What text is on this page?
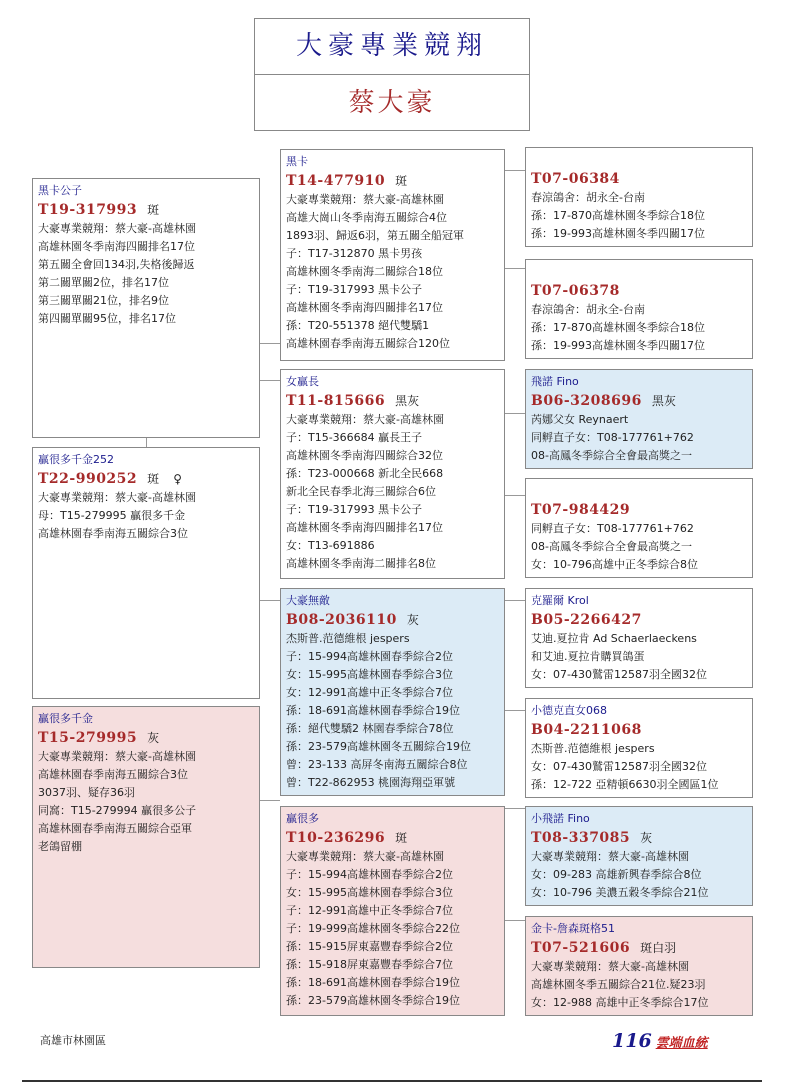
大豪專業競翔
蔡大豪
黑卡公子
T19-317993 斑
大豪專業競翔：蔡大豪-高雄林園
高雄林園冬季南海四關排名17位
第五關全會回134羽,失格後歸返
第二關單關2位，排名17位
第三關單關21位，排名9位
第四關單關95位，排名17位
贏很多千金252
T22-990252 斑 ♀
大豪專業競翔：蔡大豪-高雄林園
母：T15-279995 贏很多千金
高雄林園春季南海五關綜合3位
贏很多千金
T15-279995 灰
大豪專業競翔：蔡大豪-高雄林園
高雄林園春季南海五關綜合3位
3037羽、疑存36羽
同窩：T15-279994 贏很多公子
高雄林園春季南海五關綜合亞軍
老鴿留棚
黑卡
T14-477910 斑
大豪專業競翔：蔡大豪-高雄林園
高雄大崗山冬季南海五關綜合4位
1893羽、歸返6羽，第五關全船冠軍
子：T17-312870 黑卡男孩
高雄林園冬季南海二關綜合18位
子：T19-317993 黑卡公子
高雄林園冬季南海四關排名17位
孫：T20-551378 絕代雙驕1
高雄林園春季南海五關綜合120位
女贏長
T11-815666 黑灰
大豪專業競翔：蔡大豪-高雄林園
子：T15-366684 贏長王子
高雄林園冬季南海四關綜合32位
孫：T23-000668 新北全民668
新北全民春季北海三關綜合6位
子：T19-317993 黑卡公子
高雄林園冬季南海四關排名17位
女：T13-691886
高雄林園冬季南海二關排名8位
大豪無敵
B08-2036110 灰
杰斯普.范德維根 jespers
子：15-994高雄林園春季綜合2位
女：15-995高雄林園春季綜合3位
女：12-991高雄中正冬季綜合7位
孫：18-691高雄林園春季綜合19位
孫：絕代雙驕2 林園春季綜合78位
孫：23-579高雄林園冬五關綜合19位
曾：23-133 高屏冬南海五關綜合8位
曾：T22-862953 桃園海翔亞軍號
贏很多
T10-236296 斑
大豪專業競翔：蔡大豪-高雄林園
子：15-994高雄林園春季綜合2位
女：15-995高雄林園春季綜合3位
子：12-991高雄中正冬季綜合7位
子：19-999高雄林園冬季綜合22位
孫：15-915屏東嘉豐春季綜合2位
孫：15-918屏東嘉豐春季綜合7位
孫：18-691高雄林園春季綜合19位
孫：23-579高雄林園冬季綜合19位
T07-06384
春涼鴿舍：胡永全-台南
孫：17-870高雄林園冬季綜合18位
孫：19-993高雄林園冬季四關17位
T07-06378
春涼鴿舍：胡永全-台南
孫：17-870高雄林園冬季綜合18位
孫：19-993高雄林園冬季四關17位
飛諾 Fino
B06-3208696 黑灰
芮娜父女 Reynaert
同孵直子女：T08-177761+762
08-高鳳冬季綜合全會最高獎之一
T07-984429
同孵直子女：T08-177761+762
08-高鳳冬季綜合全會最高獎之一
女：10-796高雄中正冬季綜合8位
克羅爾 Krol
B05-2266427
艾迪.夏拉肯 Ad Schaerlaeckens
和艾迪.夏拉肯購買鴿蛋
女：07-430鷲雷12587羽全國32位
小德克直女068
B04-2211068
杰斯普.范德維根 jespers
女：07-430鷲雷12587羽全國32位
孫：12-722 亞精頓6630羽全國區1位
小飛諾 Fino
T08-337085 灰
大豪專業競翔：蔡大豪-高雄林園
女：09-283 高雄新興春季綜合8位
女：10-796 美濃五穀冬季綜合21位
金卡-詹森斑格51
T07-521606 斑白羽
大豪專業競翔：蔡大豪-高雄林園
高雄林園冬季五關綜合21位.疑23羽
女：12-988 高雄中正冬季綜合17位
高雄市林園區	116 雲端血統
